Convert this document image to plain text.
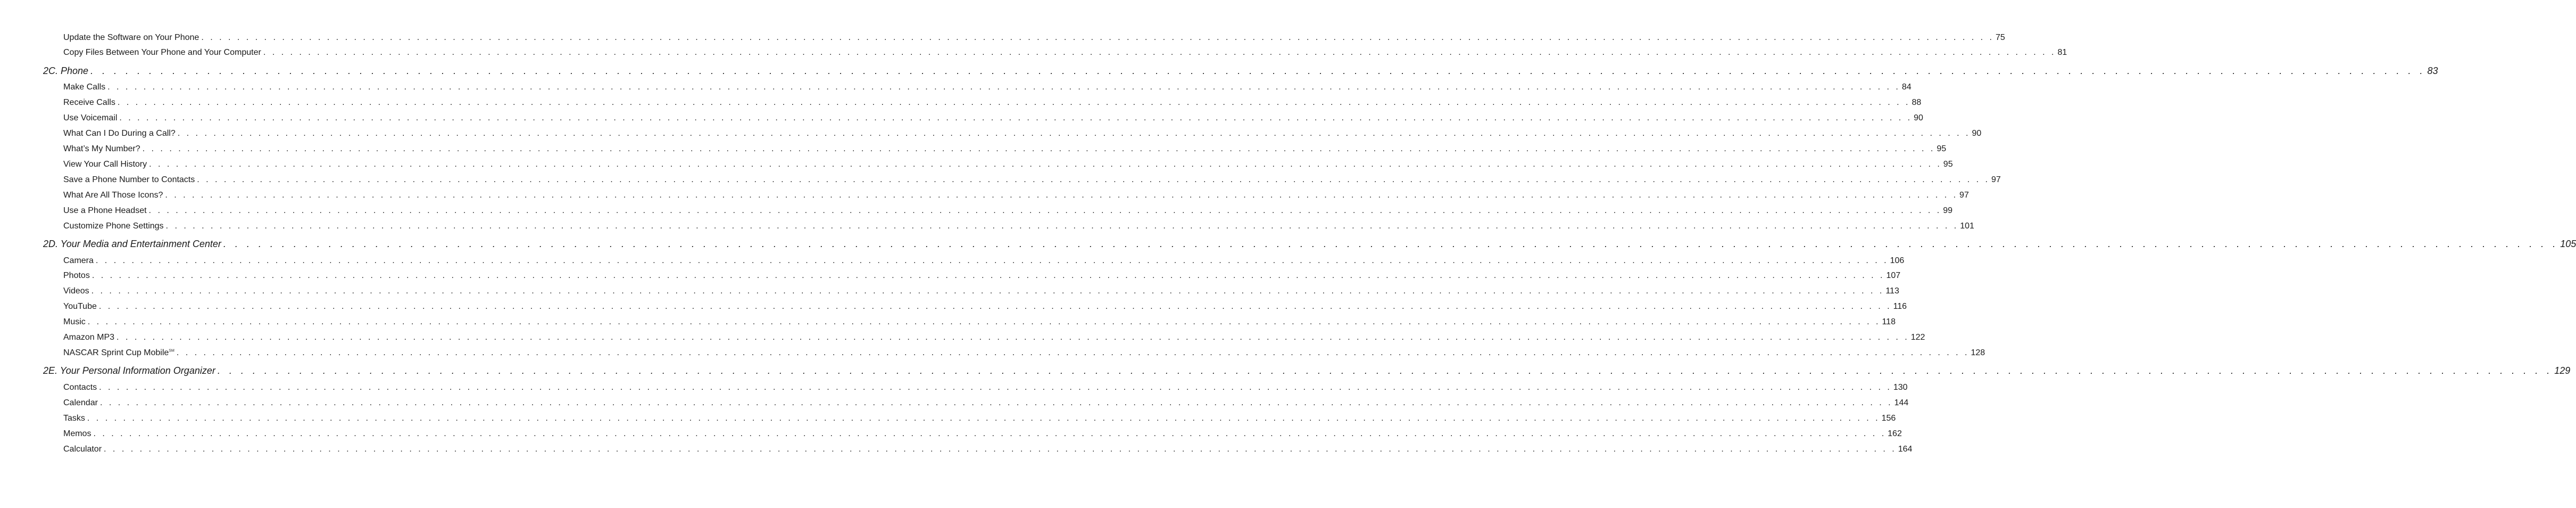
Update the Software on Your Phone . . . . . . . . . . . . . . . . . . . . . . . . . . . . . . . . . . . . . . . . . . . . . . . . . . . . . . . . . . . . . . . . . . . . . . . . . . . . . . . . . . . . . . . . . . . . . . . . . . . . . . . . . . . . . . . . . . . . . . . . . . . . . . . . . . . . . . . . . . . . . . . . . . . . . . . . . . . . . . . . . . . . . . . . . . . . . . . . . . . . . . . . . . . . . . . . . . . . . . . . 75
Copy Files Between Your Phone and Your Computer . . . . . . . . . . . . . . . . . . . . . . . . . . . . . . . . . . . . . . . . . . . . . . . . . . . . . . . . . . . . . . . . . . . . . . . . . . . . . . . . . . . . . . . . . . . . . . . . . . . . . . . . . . . . . . . . . . . . . . . . . . . . . . . . . . . . . . . . . . . . . . . . . . . . . . . . . . . . . . . . . . . . . . . . . . . . . . . . . . . . . . . . . . . . . . . . . . . . . . . . 81
2C. Phone . . . . . . . . . . . . . . . . . . . . . . . . . . . . . . . . . . . . . . . . . . . . . . . . . . . . . . . . . . . . . . . . . . . . . . . . . . . . . . . . . . . . . . . . . . . . . . . . . . . . . . . . . . . . . . . . . . . . . . . . . . . . . . . . . . . . . . . . . . . . . . . . . . . . . . . . . . . . . . . . . . . . . . . . . . . . . . . . . . . . . . . . . . . . . . . . . . . . . . . . 83
Make Calls . . . . . . . . . . . . . . . . . . . . . . . . . . . . . . . . . . . . . . . . . . . . . . . . . . . . . . . . . . . . . . . . . . . . . . . . . . . . . . . . . . . . . . . . . . . . . . . . . . . . . . . . . . . . . . . . . . . . . . . . . . . . . . . . . . . . . . . . . . . . . . . . . . . . . . . . . . . . . . . . . . . . . . . . . . . . . . . . . . . . . . . . . . . . . . . . . . . . . . . . 84
Receive Calls . . . . . . . . . . . . . . . . . . . . . . . . . . . . . . . . . . . . . . . . . . . . . . . . . . . . . . . . . . . . . . . . . . . . . . . . . . . . . . . . . . . . . . . . . . . . . . . . . . . . . . . . . . . . . . . . . . . . . . . . . . . . . . . . . . . . . . . . . . . . . . . . . . . . . . . . . . . . . . . . . . . . . . . . . . . . . . . . . . . . . . . . . . . . . . . . . . . . . . . . 88
Use Voicemail . . . . . . . . . . . . . . . . . . . . . . . . . . . . . . . . . . . . . . . . . . . . . . . . . . . . . . . . . . . . . . . . . . . . . . . . . . . . . . . . . . . . . . . . . . . . . . . . . . . . . . . . . . . . . . . . . . . . . . . . . . . . . . . . . . . . . . . . . . . . . . . . . . . . . . . . . . . . . . . . . . . . . . . . . . . . . . . . . . . . . . . . . . . . . . . . . . . . . . . . 90
What Can I Do During a Call? . . . . . . . . . . . . . . . . . . . . . . . . . . . . . . . . . . . . . . . . . . . . . . . . . . . . . . . . . . . . . . . . . . . . . . . . . . . . . . . . . . . . . . . . . . . . . . . . . . . . . . . . . . . . . . . . . . . . . . . . . . . . . . . . . . . . . . . . . . . . . . . . . . . . . . . . . . . . . . . . . . . . . . . . . . . . . . . . . . . . . . . . . . . . . . . . . . . . . . . . 90
What’s My Number? . . . . . . . . . . . . . . . . . . . . . . . . . . . . . . . . . . . . . . . . . . . . . . . . . . . . . . . . . . . . . . . . . . . . . . . . . . . . . . . . . . . . . . . . . . . . . . . . . . . . . . . . . . . . . . . . . . . . . . . . . . . . . . . . . . . . . . . . . . . . . . . . . . . . . . . . . . . . . . . . . . . . . . . . . . . . . . . . . . . . . . . . . . . . . . . . . . . . . . . . 95
View Your Call History . . . . . . . . . . . . . . . . . . . . . . . . . . . . . . . . . . . . . . . . . . . . . . . . . . . . . . . . . . . . . . . . . . . . . . . . . . . . . . . . . . . . . . . . . . . . . . . . . . . . . . . . . . . . . . . . . . . . . . . . . . . . . . . . . . . . . . . . . . . . . . . . . . . . . . . . . . . . . . . . . . . . . . . . . . . . . . . . . . . . . . . . . . . . . . . . . . . . . . . . 95
Save a Phone Number to Contacts . . . . . . . . . . . . . . . . . . . . . . . . . . . . . . . . . . . . . . . . . . . . . . . . . . . . . . . . . . . . . . . . . . . . . . . . . . . . . . . . . . . . . . . . . . . . . . . . . . . . . . . . . . . . . . . . . . . . . . . . . . . . . . . . . . . . . . . . . . . . . . . . . . . . . . . . . . . . . . . . . . . . . . . . . . . . . . . . . . . . . . . . . . . . . . . . . . . . . . . . 97
What Are All Those Icons? . . . . . . . . . . . . . . . . . . . . . . . . . . . . . . . . . . . . . . . . . . . . . . . . . . . . . . . . . . . . . . . . . . . . . . . . . . . . . . . . . . . . . . . . . . . . . . . . . . . . . . . . . . . . . . . . . . . . . . . . . . . . . . . . . . . . . . . . . . . . . . . . . . . . . . . . . . . . . . . . . . . . . . . . . . . . . . . . . . . . . . . . . . . . . . . . . . . . . . . . 97
Use a Phone Headset . . . . . . . . . . . . . . . . . . . . . . . . . . . . . . . . . . . . . . . . . . . . . . . . . . . . . . . . . . . . . . . . . . . . . . . . . . . . . . . . . . . . . . . . . . . . . . . . . . . . . . . . . . . . . . . . . . . . . . . . . . . . . . . . . . . . . . . . . . . . . . . . . . . . . . . . . . . . . . . . . . . . . . . . . . . . . . . . . . . . . . . . . . . . . . . . . . . . . . . . 99
Customize Phone Settings . . . . . . . . . . . . . . . . . . . . . . . . . . . . . . . . . . . . . . . . . . . . . . . . . . . . . . . . . . . . . . . . . . . . . . . . . . . . . . . . . . . . . . . . . . . . . . . . . . . . . . . . . . . . . . . . . . . . . . . . . . . . . . . . . . . . . . . . . . . . . . . . . . . . . . . . . . . . . . . . . . . . . . . . . . . . . . . . . . . . . . . . . . . . . . . . . . . . . . . . 101
2D. Your Media and Entertainment Center . . . . . . . . . . . . . . . . . . . . . . . . . . . . . . . . . . . . . . . . . . . . . . . . . . . . . . . . . . . . . . . . . . . . . . . . . . . . . . . . . . . . . . . . . . . . . . . . . . . . . . . . . . . . . . . . . . . . . . . . . . . . . . . . . . . . . . . . . . . . . . . . . . . . . . . . . . . . . . . . . . . . . . . . . . . . . . . . . . . . . . . . . . . . . . . . . . . . . . . . 105
Camera . . . . . . . . . . . . . . . . . . . . . . . . . . . . . . . . . . . . . . . . . . . . . . . . . . . . . . . . . . . . . . . . . . . . . . . . . . . . . . . . . . . . . . . . . . . . . . . . . . . . . . . . . . . . . . . . . . . . . . . . . . . . . . . . . . . . . . . . . . . . . . . . . . . . . . . . . . . . . . . . . . . . . . . . . . . . . . . . . . . . . . . . . . . . . . . . . . . . . . . . 106
Photos . . . . . . . . . . . . . . . . . . . . . . . . . . . . . . . . . . . . . . . . . . . . . . . . . . . . . . . . . . . . . . . . . . . . . . . . . . . . . . . . . . . . . . . . . . . . . . . . . . . . . . . . . . . . . . . . . . . . . . . . . . . . . . . . . . . . . . . . . . . . . . . . . . . . . . . . . . . . . . . . . . . . . . . . . . . . . . . . . . . . . . . . . . . . . . . . . . . . . . . . 107
Videos . . . . . . . . . . . . . . . . . . . . . . . . . . . . . . . . . . . . . . . . . . . . . . . . . . . . . . . . . . . . . . . . . . . . . . . . . . . . . . . . . . . . . . . . . . . . . . . . . . . . . . . . . . . . . . . . . . . . . . . . . . . . . . . . . . . . . . . . . . . . . . . . . . . . . . . . . . . . . . . . . . . . . . . . . . . . . . . . . . . . . . . . . . . . . . . . . . . . . . . . 113
YouTube . . . . . . . . . . . . . . . . . . . . . . . . . . . . . . . . . . . . . . . . . . . . . . . . . . . . . . . . . . . . . . . . . . . . . . . . . . . . . . . . . . . . . . . . . . . . . . . . . . . . . . . . . . . . . . . . . . . . . . . . . . . . . . . . . . . . . . . . . . . . . . . . . . . . . . . . . . . . . . . . . . . . . . . . . . . . . . . . . . . . . . . . . . . . . . . . . . . . . . . . 116
Music . . . . . . . . . . . . . . . . . . . . . . . . . . . . . . . . . . . . . . . . . . . . . . . . . . . . . . . . . . . . . . . . . . . . . . . . . . . . . . . . . . . . . . . . . . . . . . . . . . . . . . . . . . . . . . . . . . . . . . . . . . . . . . . . . . . . . . . . . . . . . . . . . . . . . . . . . . . . . . . . . . . . . . . . . . . . . . . . . . . . . . . . . . . . . . . . . . . . . . . . 118
Amazon MP3 . . . . . . . . . . . . . . . . . . . . . . . . . . . . . . . . . . . . . . . . . . . . . . . . . . . . . . . . . . . . . . . . . . . . . . . . . . . . . . . . . . . . . . . . . . . . . . . . . . . . . . . . . . . . . . . . . . . . . . . . . . . . . . . . . . . . . . . . . . . . . . . . . . . . . . . . . . . . . . . . . . . . . . . . . . . . . . . . . . . . . . . . . . . . . . . . . . . . . . . . 122
NASCAR Sprint Cup Mobile℠ . . . . . . . . . . . . . . . . . . . . . . . . . . . . . . . . . . . . . . . . . . . . . . . . . . . . . . . . . . . . . . . . . . . . . . . . . . . . . . . . . . . . . . . . . . . . . . . . . . . . . . . . . . . . . . . . . . . . . . . . . . . . . . . . . . . . . . . . . . . . . . . . . . . . . . . . . . . . . . . . . . . . . . . . . . . . . . . . . . . . . . . . . . . . . . . . . . . . . . . . 128
2E. Your Personal Information Organizer . . . . . . . . . . . . . . . . . . . . . . . . . . . . . . . . . . . . . . . . . . . . . . . . . . . . . . . . . . . . . . . . . . . . . . . . . . . . . . . . . . . . . . . . . . . . . . . . . . . . . . . . . . . . . . . . . . . . . . . . . . . . . . . . . . . . . . . . . . . . . . . . . . . . . . . . . . . . . . . . . . . . . . . . . . . . . . . . . . . . . . . . . . . . . . . . . . . . . . . . 129
Contacts . . . . . . . . . . . . . . . . . . . . . . . . . . . . . . . . . . . . . . . . . . . . . . . . . . . . . . . . . . . . . . . . . . . . . . . . . . . . . . . . . . . . . . . . . . . . . . . . . . . . . . . . . . . . . . . . . . . . . . . . . . . . . . . . . . . . . . . . . . . . . . . . . . . . . . . . . . . . . . . . . . . . . . . . . . . . . . . . . . . . . . . . . . . . . . . . . . . . . . . . 130
Calendar . . . . . . . . . . . . . . . . . . . . . . . . . . . . . . . . . . . . . . . . . . . . . . . . . . . . . . . . . . . . . . . . . . . . . . . . . . . . . . . . . . . . . . . . . . . . . . . . . . . . . . . . . . . . . . . . . . . . . . . . . . . . . . . . . . . . . . . . . . . . . . . . . . . . . . . . . . . . . . . . . . . . . . . . . . . . . . . . . . . . . . . . . . . . . . . . . . . . . . . . 144
Tasks . . . . . . . . . . . . . . . . . . . . . . . . . . . . . . . . . . . . . . . . . . . . . . . . . . . . . . . . . . . . . . . . . . . . . . . . . . . . . . . . . . . . . . . . . . . . . . . . . . . . . . . . . . . . . . . . . . . . . . . . . . . . . . . . . . . . . . . . . . . . . . . . . . . . . . . . . . . . . . . . . . . . . . . . . . . . . . . . . . . . . . . . . . . . . . . . . . . . . . . . 156
Memos . . . . . . . . . . . . . . . . . . . . . . . . . . . . . . . . . . . . . . . . . . . . . . . . . . . . . . . . . . . . . . . . . . . . . . . . . . . . . . . . . . . . . . . . . . . . . . . . . . . . . . . . . . . . . . . . . . . . . . . . . . . . . . . . . . . . . . . . . . . . . . . . . . . . . . . . . . . . . . . . . . . . . . . . . . . . . . . . . . . . . . . . . . . . . . . . . . . . . . . . 162
Calculator . . . . . . . . . . . . . . . . . . . . . . . . . . . . . . . . . . . . . . . . . . . . . . . . . . . . . . . . . . . . . . . . . . . . . . . . . . . . . . . . . . . . . . . . . . . . . . . . . . . . . . . . . . . . . . . . . . . . . . . . . . . . . . . . . . . . . . . . . . . . . . . . . . . . . . . . . . . . . . . . . . . . . . . . . . . . . . . . . . . . . . . . . . . . . . . . . . . . . . . . 164
